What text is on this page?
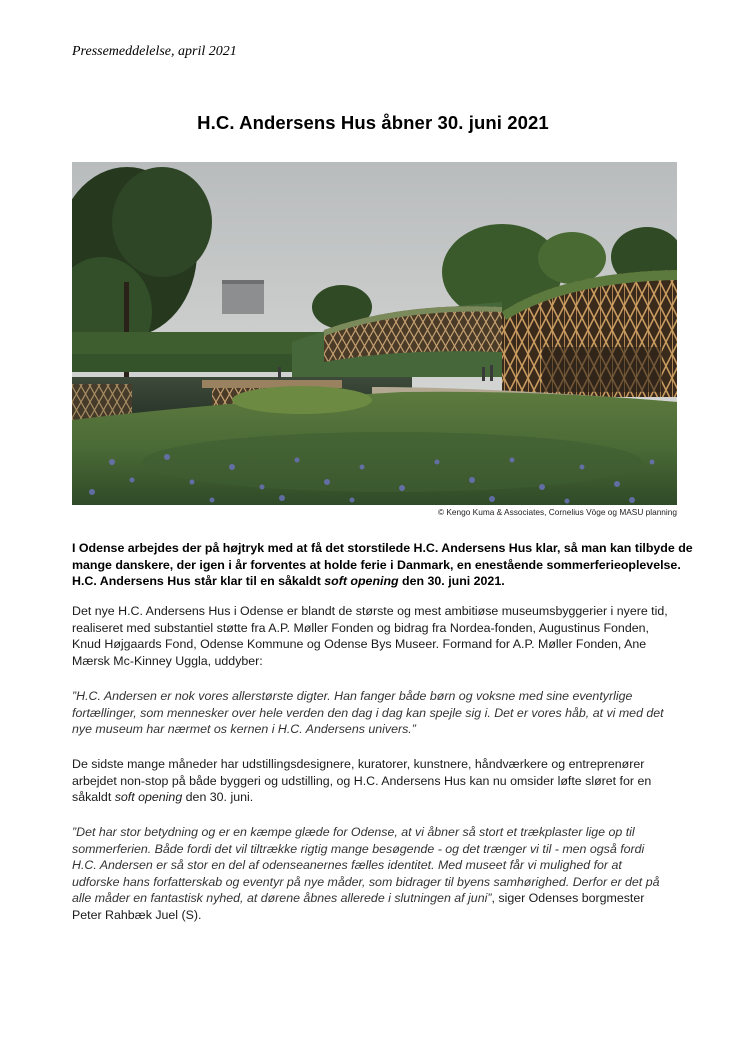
Pressemeddelelse, april 2021
H.C. Andersens Hus åbner 30. juni 2021
© Kengo Kuma & Associates, Cornelius Vöge og MASU planning
I Odense arbejdes der på højtryk med at få det storstilede H.C. Andersens Hus klar, så man kan tilbyde de
mange danskere, der igen i år forventes at holde ferie i Danmark, en enestående sommerferieoplevelse.
H.C. Andersens Hus står klar til en såkaldt soft opening den 30. juni 2021.
Det nye H.C. Andersens Hus i Odense er blandt de største og mest ambitiøse museumsbyggerier i nyere tid,
realiseret med substantiel støtte fra A.P. Møller Fonden og bidrag fra Nordea-fonden, Augustinus Fonden,
Knud Højgaards Fond, Odense Kommune og Odense Bys Museer. Formand for A.P. Møller Fonden, Ane
Mærsk Mc-Kinney Uggla, uddyber:
”H.C. Andersen er nok vores allerstørste digter. Han fanger både børn og voksne med sine eventyrlige
fortællinger, som mennesker over hele verden den dag i dag kan spejle sig i. Det er vores håb, at vi med det
nye museum har nærmet os kernen i H.C. Andersens univers.”
De sidste mange måneder har udstillingsdesignere, kuratorer, kunstnere, håndværkere og entreprenører
arbejdet non-stop på både byggeri og udstilling, og H.C. Andersens Hus kan nu omsider løfte sløret for en
såkaldt soft opening den 30. juni.
”Det har stor betydning og er en kæmpe glæde for Odense, at vi åbner så stort et trækplaster lige op til
sommerferien. Både fordi det vil tiltrække rigtig mange besøgende - og det trænger vi til - men også fordi
H.C. Andersen er så stor en del af odenseanernes fælles identitet. Med museet får vi mulighed for at
udforske hans forfatterskab og eventyr på nye måder, som bidrager til byens samhørighed. Derfor er det på
alle måder en fantastisk nyhed, at dørene åbnes allerede i slutningen af juni”, siger Odenses borgmester
Peter Rahbæk Juel (S).
